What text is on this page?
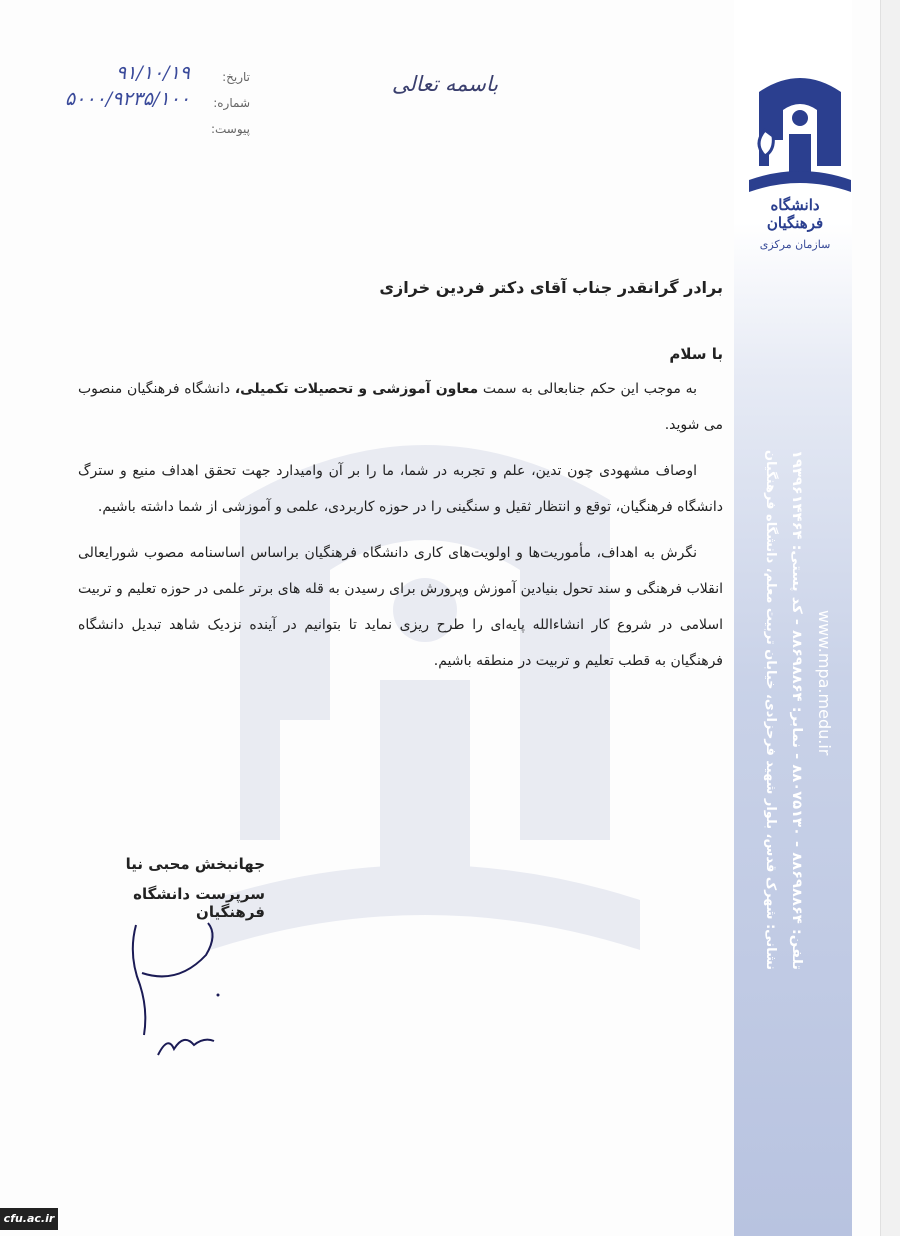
دانشگاه فرهنگیان
سازمان مرکزی
باسمه تعالی
تاریخ:
۹۱/۱۰/۱۹
شماره:
۵۰۰۰/۹۲۳۵/۱۰۰
پیوست:

برادر گرانقدر جناب آقای دکتر فردین خرازی

با سلام

به موجب این حکم جنابعالی به سمت معاون آموزشی و تحصیلات تکمیلی، دانشگاه فرهنگیان منصوب می شوید.

اوصاف مشهودی چون تدین، علم و تجربه در شما، ما را بر آن وامیدارد جهت تحقق اهداف منیع و سترگ دانشگاه فرهنگیان، توقع و انتظار ثقیل و سنگینی را در حوزه کاربردی، علمی و آموزشی از شما داشته باشیم.

نگرش به اهداف، مأموریت‌ها و اولویت‌های کاری دانشگاه فرهنگیان براساس اساسنامه مصوب شورایعالی انقلاب فرهنگی و سند تحول بنیادین آموزش وپرورش برای رسیدن به قله های برتر علمی در حوزه تعلیم و تربیت اسلامی در شروع کار انشاءالله پایه‌ای را طرح ریزی نماید تا بتوانیم در آینده نزدیک شاهد تبدیل دانشگاه فرهنگیان به قطب تعلیم و تربیت در منطقه باشیم.

جهانبخش محبی نیا

سرپرست دانشگاه فرهنگیان	نشانی: شهرک قدس، بلوار شهید فرحزادی، خیابان تربیت معلم، دانشگاه فرهنگیان تلفن: ۸۸۶۹۸۸۶۴ - ۸۸۰۷۵۱۳۰ - نمابر: ۸۸۶۹۸۸۶۴ - کد پستی: ۱۹۳۹۶۱۴۴۶۴
www.mpa.medu.ir
cfu.ac.ir
